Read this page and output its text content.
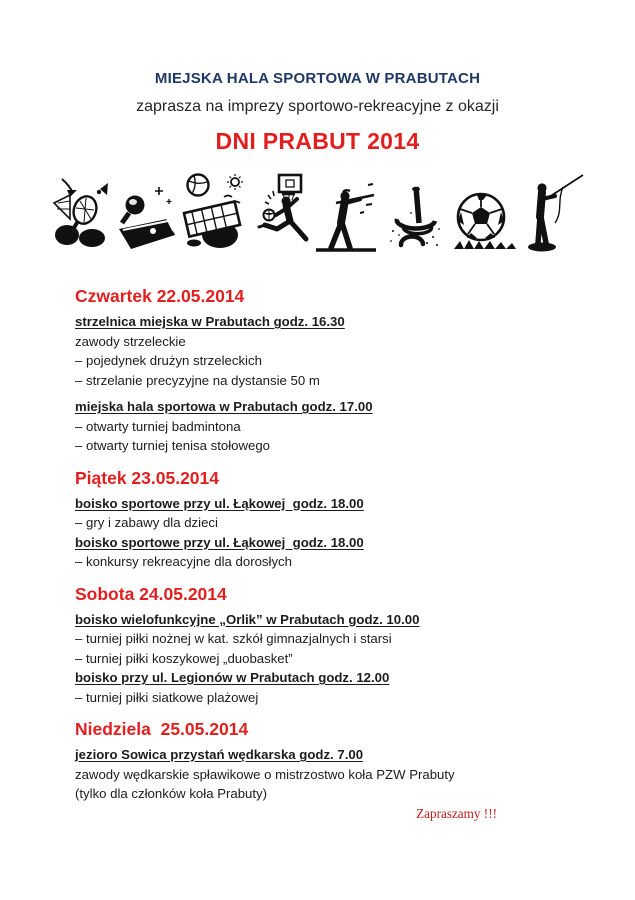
MIEJSKA HALA SPORTOWA W PRABUTACH

zaprasza na imprezy sportowo-rekreacyjne z okazji

DNI PRABUT 2014
Czwartek 22.05.2014

strzelnica miejska w Prabutach godz. 16.30

zawody strzeleckie

– pojedynek drużyn strzeleckich

– strzelanie precyzyjne na dystansie 50 m

miejska hala sportowa w Prabutach godz. 17.00

– otwarty turniej badmintona

– otwarty turniej tenisa stołowego

Piątek 23.05.2014

boisko sportowe przy ul. Łąkowej  godz. 18.00

– gry i zabawy dla dzieci

boisko sportowe przy ul. Łąkowej  godz. 18.00

– konkursy rekreacyjne dla dorosłych

Sobota 24.05.2014

boisko wielofunkcyjne „Orlik” w Prabutach godz. 10.00

– turniej piłki nożnej w kat. szkół gimnazjalnych i starsi

– turniej piłki koszykowej „duobasket”

boisko przy ul. Legionów w Prabutach godz. 12.00

– turniej piłki siatkowe plażowej

Niedziela  25.05.2014

jezioro Sowica przystań wędkarska godz. 7.00

zawody wędkarskie spławikowe o mistrzostwo koła PZW Prabuty

(tylko dla członków koła Prabuty)

Zapraszamy !!!
